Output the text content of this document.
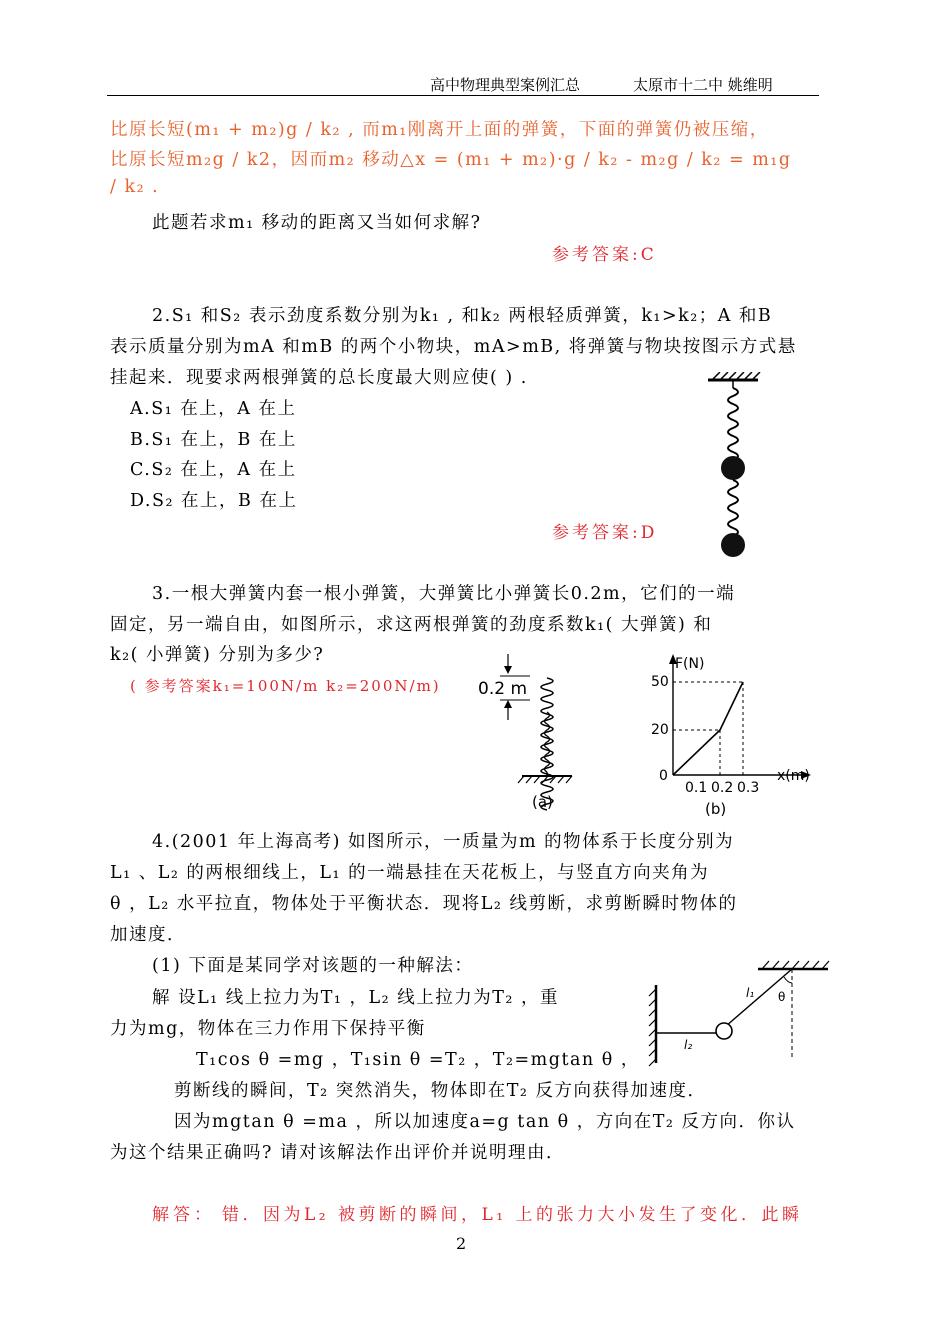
高中物理典型案例汇总	太原市十二中 姚维明
比原长短(m₁ + m₂)g / k₂ , 而m₁刚离开上面的弹簧，下面的弹簧仍被压缩，
比原长短m₂g / k2，因而m₂ 移动△x = (m₁ + m₂)·g / k₂ - m₂g / k₂ = m₁g
/ k₂ .
此题若求m₁ 移动的距离又当如何求解?
参考答案:C
2.S₁ 和S₂ 表示劲度系数分别为k₁ , 和k₂ 两根轻质弹簧，k₁>k₂；A 和B
表示质量分别为mA 和mB 的两个小物块，mA>mB, 将弹簧与物块按图示方式悬
挂起来．现要求两根弹簧的总长度最大则应使( ) .
A.S₁ 在上，A 在上
B.S₁ 在上，B 在上
C.S₂ 在上，A 在上
D.S₂ 在上，B 在上
参考答案:D
3.一根大弹簧内套一根小弹簧，大弹簧比小弹簧长0.2m，它们的一端
固定，另一端自由，如图所示，求这两根弹簧的劲度系数k₁( 大弹簧) 和
k₂( 小弹簧) 分别为多少?
( 参考答案k₁=100N/m k₂=200N/m) 0.2 m
(a)
F(N)
x(m)
50
20
0
0.1 0.2 0.3
(b)
4.(2001 年上海高考) 如图所示，一质量为m 的物体系于长度分别为
L₁ 、L₂ 的两根细线上，L₁ 的一端悬挂在天花板上，与竖直方向夹角为
θ ，L₂ 水平拉直，物体处于平衡状态．现将L₂ 线剪断，求剪断瞬时物体的
加速度．
(1) 下面是某同学对该题的一种解法：
解 设L₁ 线上拉力为T₁ ，L₂ 线上拉力为T₂ ，重
力为mg，物体在三力作用下保持平衡
T₁cos θ =mg ，T₁sin θ =T₂ ，T₂=mgtan θ ，
剪断线的瞬间，T₂ 突然消失，物体即在T₂ 反方向获得加速度．
因为mgtan θ =ma ，所以加速度a=g tan θ ，方向在T₂ 反方向．你认
为这个结果正确吗? 请对该解法作出评价并说明理由．
l₁ θ
l₂
解答： 错．因为L₂ 被剪断的瞬间，L₁ 上的张力大小发生了变化．此瞬
2
